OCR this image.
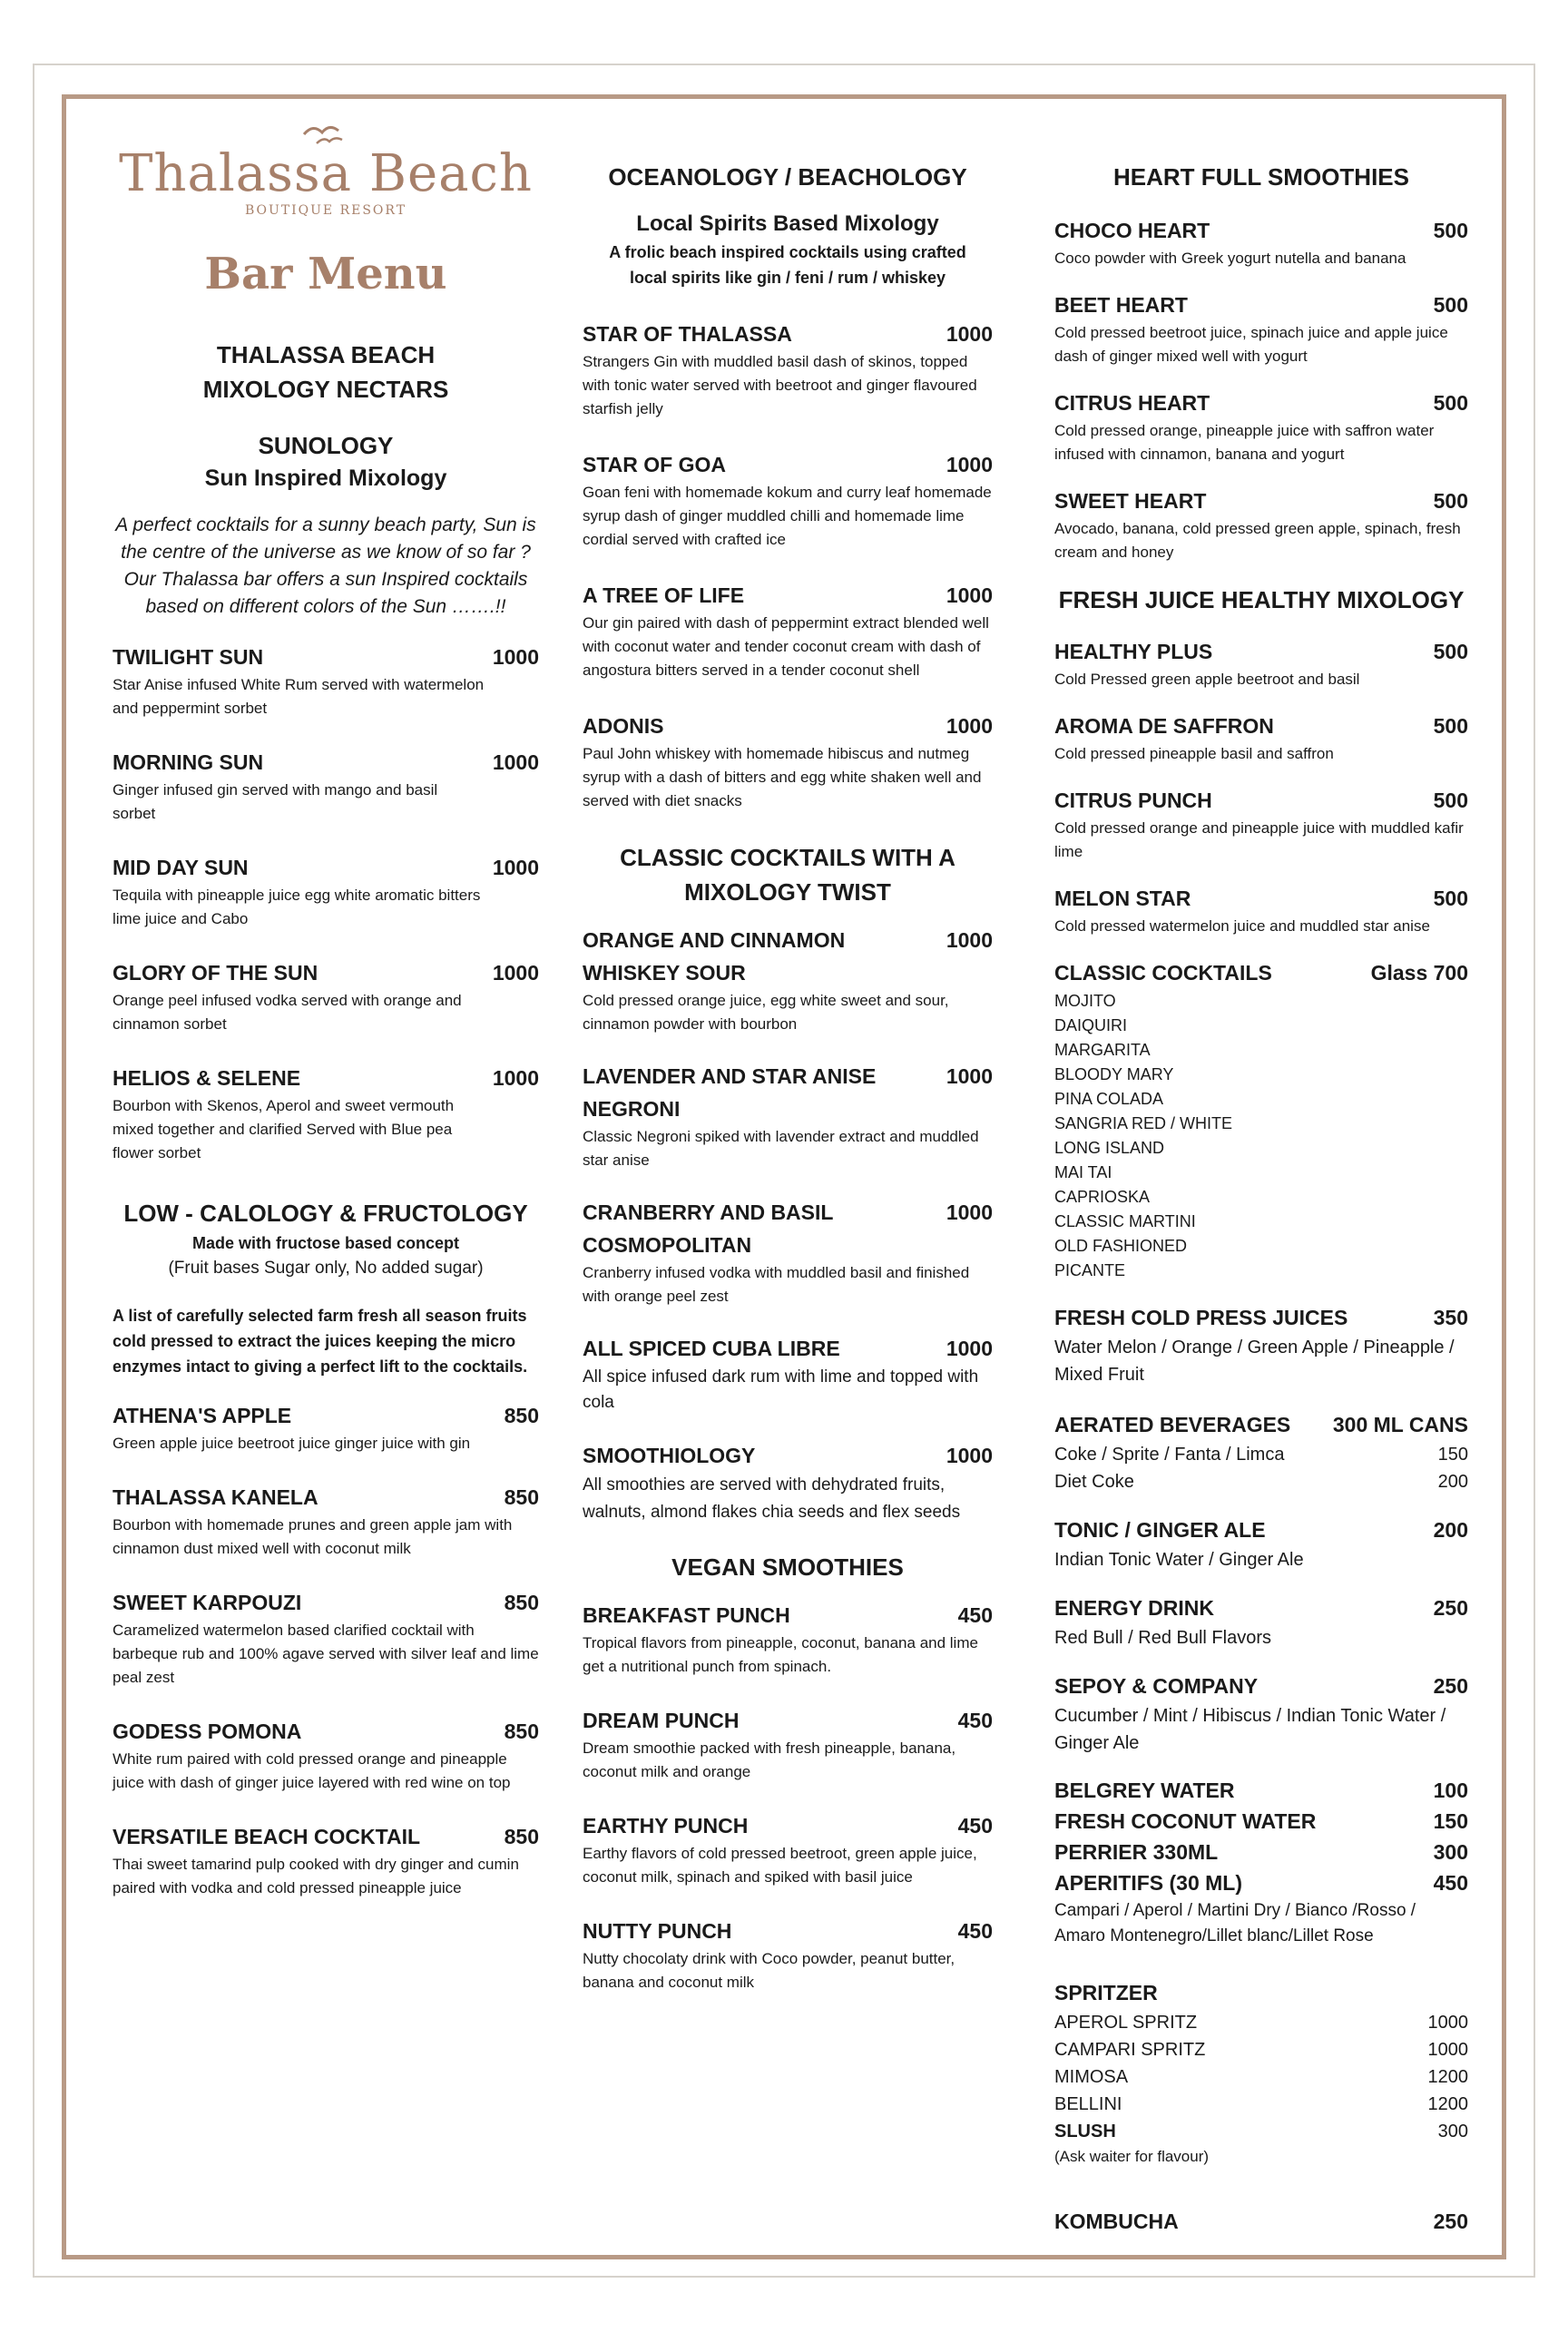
Thalassa Beach
BOUTIQUE RESORT
Bar Menu
THALASSA BEACH
MIXOLOGY NECTARS
SUNOLOGY
Sun Inspired Mixology
A perfect cocktails for a sunny beach party, Sun is the centre of the universe as we know of so far ? Our Thalassa bar offers a sun Inspired cocktails based on different colors of the Sun …….!!
TWILIGHT SUN	1000
Star Anise infused White Rum served with watermelon and peppermint sorbet
MORNING SUN	1000
Ginger infused gin served with mango and basil sorbet
MID DAY SUN	1000
Tequila with pineapple juice egg white aromatic bitters lime juice and Cabo
GLORY OF THE SUN	1000
Orange peel infused vodka served with orange and cinnamon sorbet
HELIOS & SELENE	1000
Bourbon with Skenos, Aperol and sweet vermouth mixed together and clarified Served with Blue pea flower sorbet
LOW - CALOLOGY & FRUCTOLOGY
Made with fructose based concept
(Fruit bases Sugar only, No added sugar)
A list of carefully selected farm fresh all season fruits cold pressed to extract the juices keeping the micro enzymes intact to giving a perfect lift to the cocktails.
ATHENA'S APPLE	850
Green apple juice beetroot juice ginger juice with gin
THALASSA KANELA	850
Bourbon with homemade prunes and green apple jam with cinnamon dust mixed well with coconut milk
SWEET KARPOUZI	850
Caramelized watermelon based clarified cocktail with barbeque rub and 100% agave served with silver leaf and lime peal zest
GODESS POMONA	850
White rum paired with cold pressed orange and pineapple juice with dash of ginger juice layered with red wine on top
VERSATILE BEACH COCKTAIL	850
Thai sweet tamarind pulp cooked with dry ginger and cumin paired with vodka and cold pressed pineapple juice
OCEANOLOGY / BEACHOLOGY
Local Spirits Based Mixology
A frolic beach inspired cocktails using crafted local spirits like gin / feni / rum / whiskey
STAR OF THALASSA	1000
Strangers Gin with muddled basil dash of skinos, topped with tonic water served with beetroot and ginger flavoured starfish jelly
STAR OF GOA	1000
Goan feni with homemade kokum and curry leaf homemade syrup dash of ginger muddled chilli and homemade lime cordial served with crafted ice
A TREE OF LIFE	1000
Our gin paired with dash of peppermint extract blended well with coconut water and tender coconut cream with dash of angostura bitters served in a tender coconut shell
ADONIS	1000
Paul John whiskey with homemade hibiscus and nutmeg syrup with a dash of bitters and egg white shaken well and served with diet snacks
CLASSIC COCKTAILS WITH A MIXOLOGY TWIST
ORANGE AND CINNAMON WHISKEY SOUR
1000
Cold pressed orange juice, egg white sweet and sour, cinnamon powder with bourbon
LAVENDER AND STAR ANISE NEGRONI
1000
Classic Negroni spiked with lavender extract and muddled star anise
CRANBERRY AND BASIL COSMOPOLITAN
1000
Cranberry infused vodka with muddled basil and finished with orange peel zest
ALL SPICED CUBA LIBRE	1000
All spice infused dark rum with lime and topped with cola
SMOOTHIOLOGY	1000
All smoothies are served with dehydrated fruits, walnuts, almond flakes chia seeds and flex seeds
VEGAN SMOOTHIES
BREAKFAST PUNCH	450
Tropical flavors from pineapple, coconut, banana and lime get a nutritional punch from spinach.
DREAM PUNCH	450
Dream smoothie packed with fresh pineapple, banana, coconut milk and orange
EARTHY PUNCH	450
Earthy flavors of cold pressed beetroot, green apple juice, coconut milk, spinach and spiked with basil juice
NUTTY PUNCH	450
Nutty chocolaty drink with Coco powder, peanut butter, banana and coconut milk
HEART FULL SMOOTHIES
CHOCO HEART	500
Coco powder with Greek yogurt nutella and banana
BEET HEART	500
Cold pressed beetroot juice, spinach juice and apple juice dash of ginger mixed well with yogurt
CITRUS HEART	500
Cold pressed orange, pineapple juice with saffron water infused with cinnamon, banana and yogurt
SWEET HEART	500
Avocado, banana, cold pressed green apple, spinach, fresh cream and honey
FRESH JUICE HEALTHY MIXOLOGY
HEALTHY PLUS	500
Cold Pressed green apple beetroot and basil
AROMA DE SAFFRON	500
Cold pressed pineapple basil and saffron
CITRUS PUNCH	500
Cold pressed orange and pineapple juice with muddled kafir lime
MELON STAR	500
Cold pressed watermelon juice and muddled star anise
CLASSIC COCKTAILS	Glass 700
MOJITO
DAIQUIRI
MARGARITA
BLOODY MARY
PINA COLADA
SANGRIA RED / WHITE
LONG ISLAND
MAI TAI
CAPRIOSKA
CLASSIC MARTINI
OLD FASHIONED
PICANTE
FRESH COLD PRESS JUICES	350
Water Melon / Orange / Green Apple / Pineapple / Mixed Fruit
AERATED BEVERAGES 300 ML CANS
Coke / Sprite / Fanta / Limca	150
Diet Coke	200
TONIC / GINGER ALE	200
Indian Tonic Water / Ginger Ale
ENERGY DRINK	250
Red Bull / Red Bull Flavors
SEPOY & COMPANY	250
Cucumber / Mint / Hibiscus / Indian Tonic Water / Ginger Ale
BELGREY WATER	100
FRESH COCONUT WATER	150
PERRIER 330ML	300
APERITIFS (30 ML)	450
Campari / Aperol / Martini Dry / Bianco /Rosso / Amaro Montenegro/Lillet blanc/Lillet Rose
SPRITZER
APEROL SPRITZ	1000
CAMPARI SPRITZ	1000
MIMOSA	1200
BELLINI	1200
SLUSH	300
(Ask waiter for flavour)
KOMBUCHA	250
